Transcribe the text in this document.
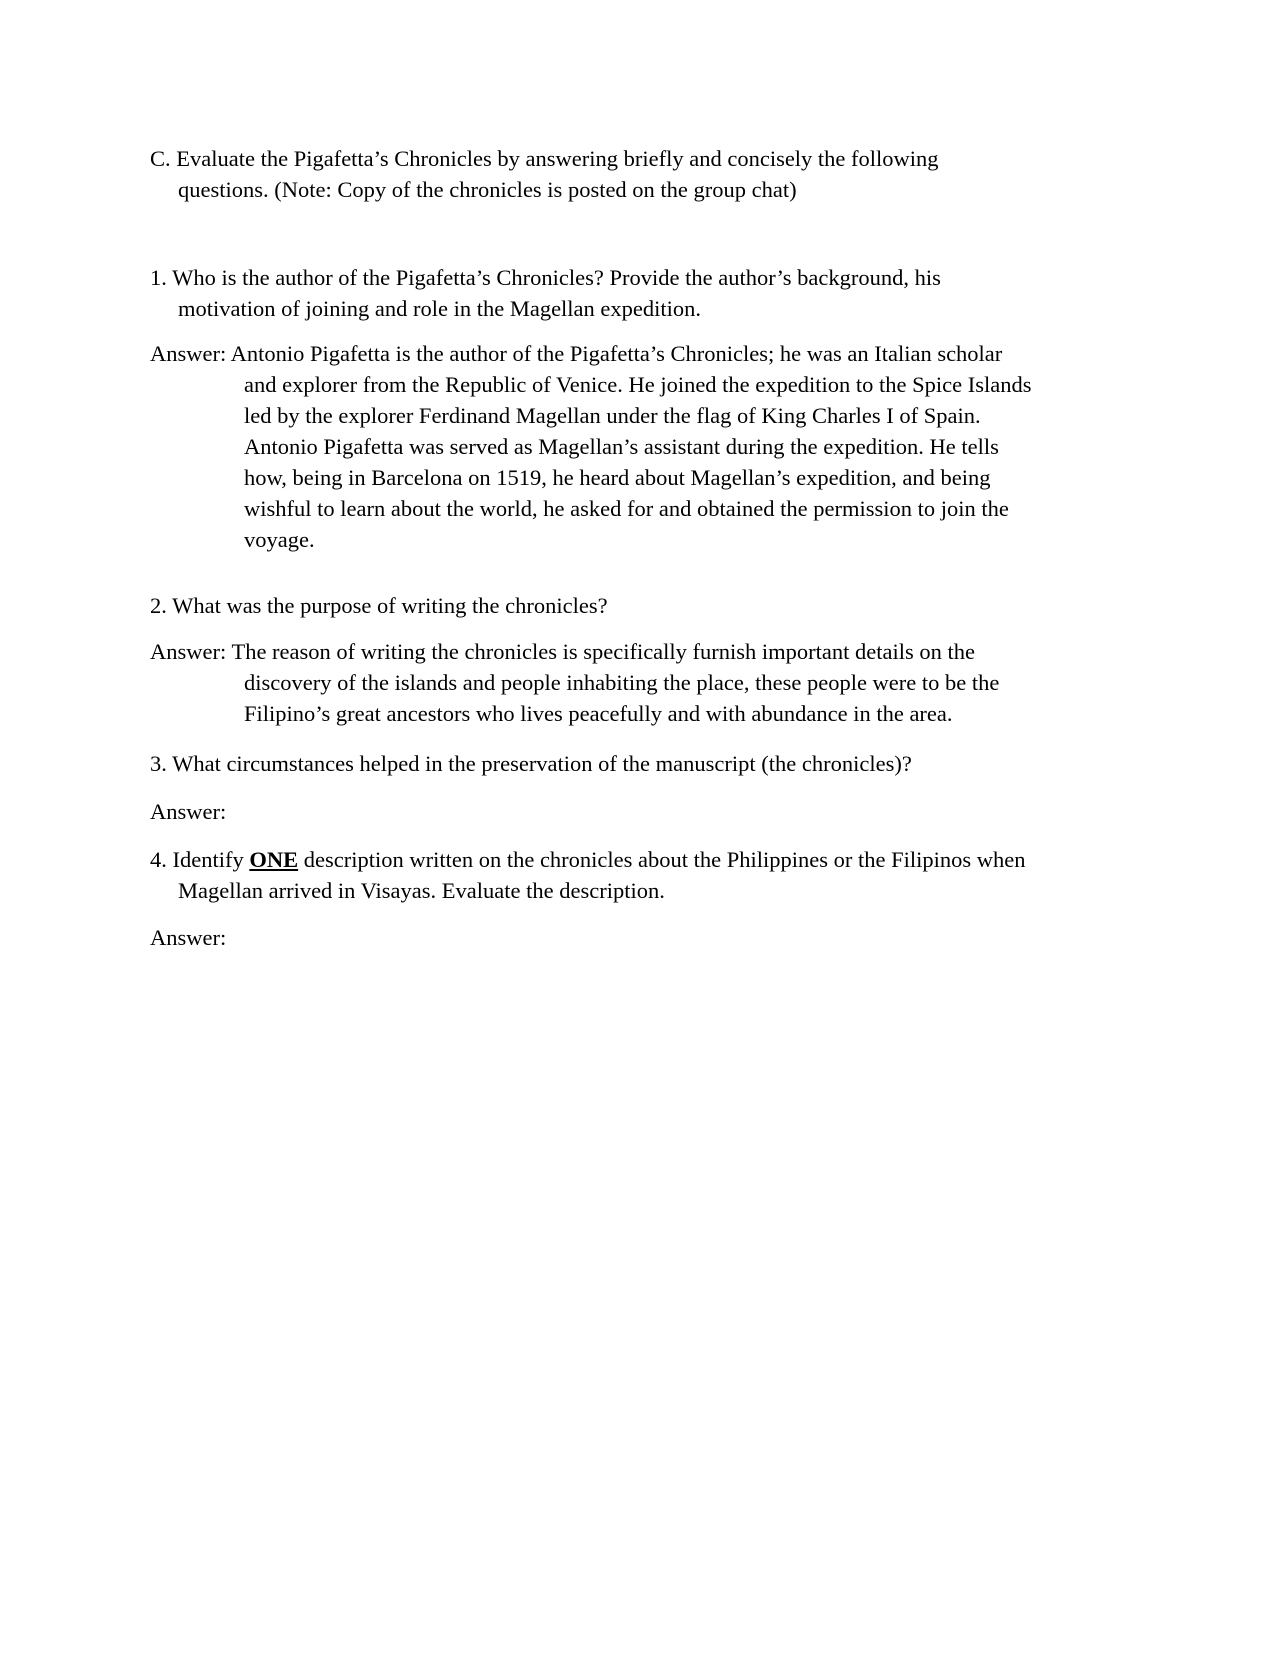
C. Evaluate the Pigafetta’s Chronicles by answering briefly and concisely the following
questions. (Note: Copy of the chronicles is posted on the group chat)
1. Who is the author of the Pigafetta’s Chronicles? Provide the author’s background, his
motivation of joining and role in the Magellan expedition.
Answer: Antonio Pigafetta is the author of the Pigafetta’s Chronicles; he was an Italian scholar
and explorer from the Republic of Venice. He joined the expedition to the Spice Islands
led by the explorer Ferdinand Magellan under the flag of King Charles I of Spain.
Antonio Pigafetta was served as Magellan’s assistant during the expedition. He tells
how, being in Barcelona on 1519, he heard about Magellan’s expedition, and being
wishful to learn about the world, he asked for and obtained the permission to join the
voyage.
2. What was the purpose of writing the chronicles?
Answer: The reason of writing the chronicles is specifically furnish important details on the
discovery of the islands and people inhabiting the place, these people were to be the
Filipino’s great ancestors who lives peacefully and with abundance in the area.
3. What circumstances helped in the preservation of the manuscript (the chronicles)?
Answer:
4. Identify ONE description written on the chronicles about the Philippines or the Filipinos when
Magellan arrived in Visayas. Evaluate the description.
Answer:
